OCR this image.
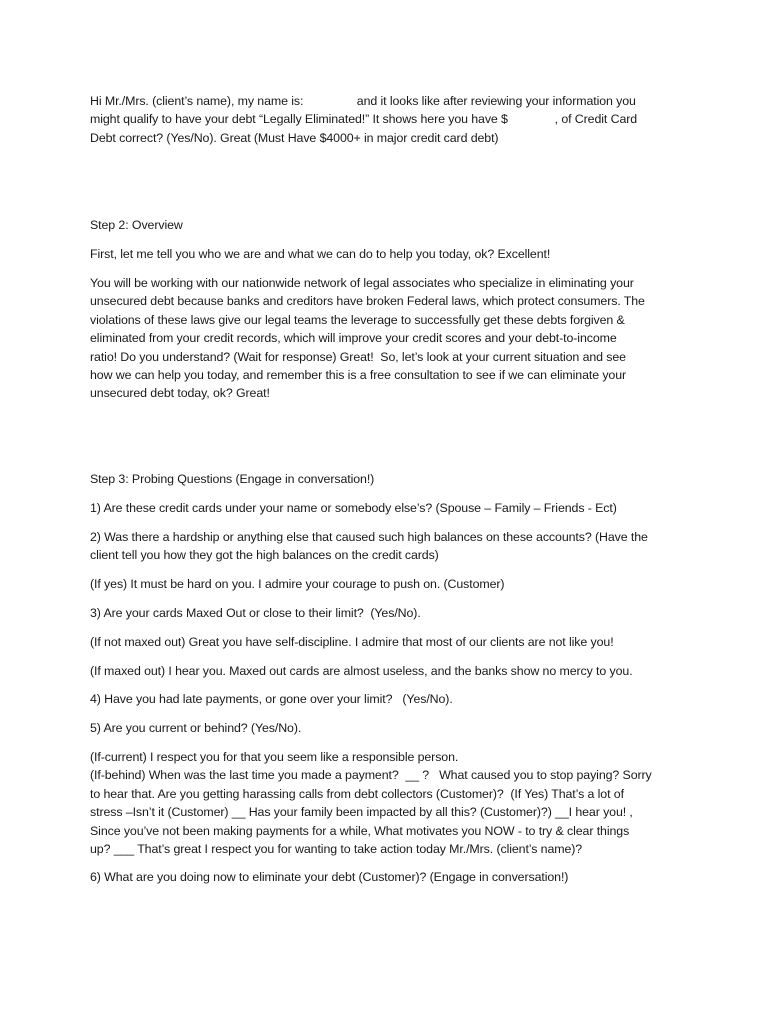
Hi Mr./Mrs. (client’s name), my name is:                and it looks like after reviewing your information you
might qualify to have your debt “Legally Eliminated!” It shows here you have $              , of Credit Card
Debt correct? (Yes/No). Great (Must Have $4000+ in major credit card debt)

Step 2: Overview

First, let me tell you who we are and what we can do to help you today, ok? Excellent!

You will be working with our nationwide network of legal associates who specialize in eliminating your
unsecured debt because banks and creditors have broken Federal laws, which protect consumers. The
violations of these laws give our legal teams the leverage to successfully get these debts forgiven &
eliminated from your credit records, which will improve your credit scores and your debt-to-income
ratio! Do you understand? (Wait for response) Great!  So, let’s look at your current situation and see
how we can help you today, and remember this is a free consultation to see if we can eliminate your
unsecured debt today, ok? Great!

Step 3: Probing Questions (Engage in conversation!)

1) Are these credit cards under your name or somebody else’s? (Spouse – Family – Friends - Ect)

2) Was there a hardship or anything else that caused such high balances on these accounts? (Have the
client tell you how they got the high balances on the credit cards)

(If yes) It must be hard on you. I admire your courage to push on. (Customer)

3) Are your cards Maxed Out or close to their limit?  (Yes/No).

(If not maxed out) Great you have self-discipline. I admire that most of our clients are not like you!

(If maxed out) I hear you. Maxed out cards are almost useless, and the banks show no mercy to you.

4) Have you had late payments, or gone over your limit?   (Yes/No).

5) Are you current or behind? (Yes/No).

(If-current) I respect you for that you seem like a responsible person.
(If-behind) When was the last time you made a payment?  __ ?   What caused you to stop paying? Sorry
to hear that. Are you getting harassing calls from debt collectors (Customer)?  (If Yes) That’s a lot of
stress –Isn’t it (Customer) __ Has your family been impacted by all this? (Customer)?) __I hear you! ,
Since you’ve not been making payments for a while, What motivates you NOW - to try & clear things
up? ___ That’s great I respect you for wanting to take action today Mr./Mrs. (client’s name)?

6) What are you doing now to eliminate your debt (Customer)? (Engage in conversation!)
